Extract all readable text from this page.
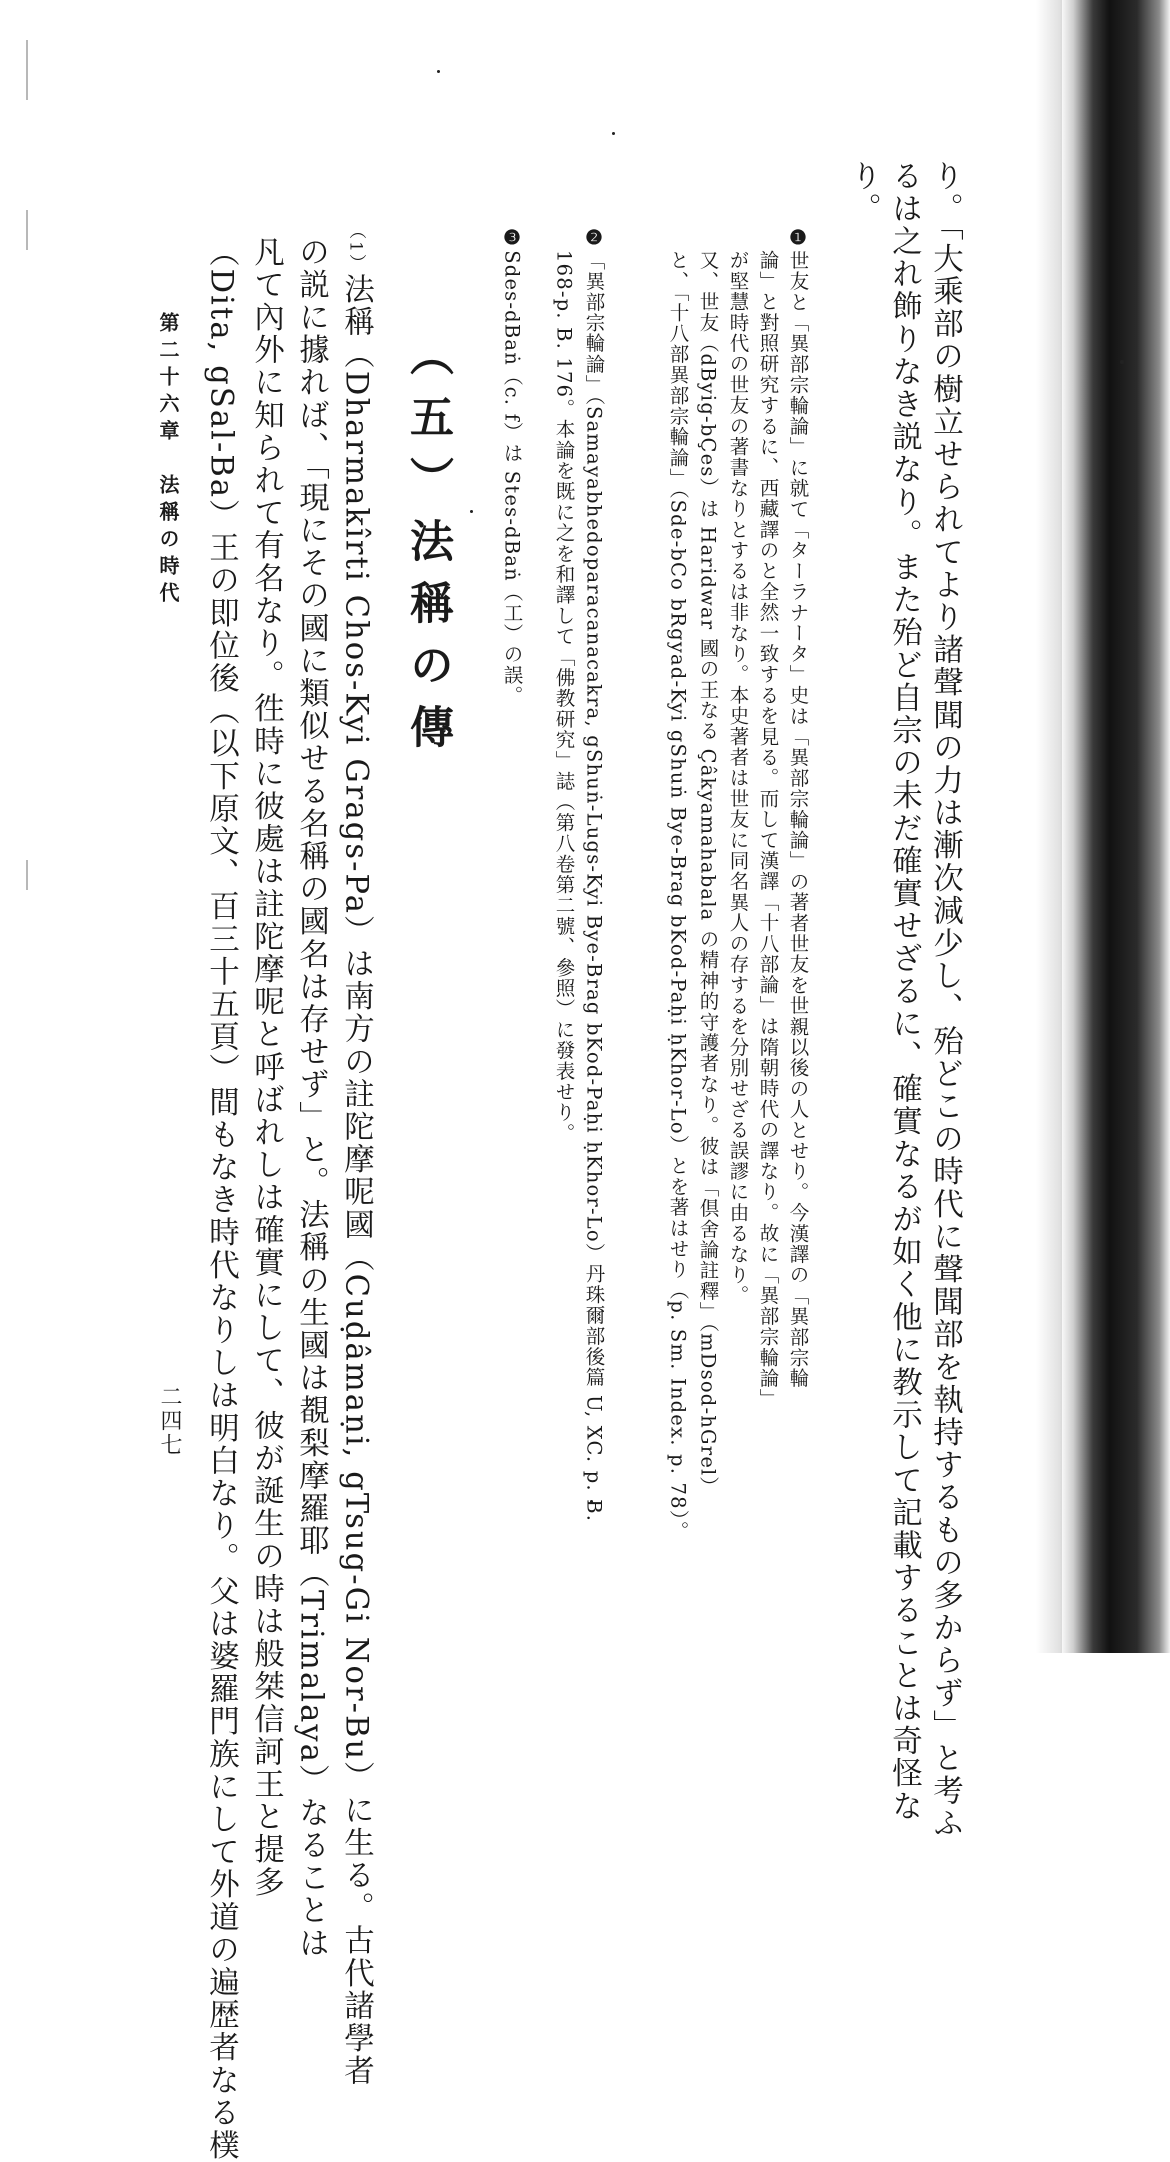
り。「大乘部の樹立せられてより諸聲聞の力は漸次減少し、殆どこの時代に聲聞部を執持するもの多からず」と考ふ
るは之れ飾りなき説なり。また殆ど自宗の未だ確實せざるに、確實なるが如く他に教示して記載することは奇怪な
り。
❶世友と「異部宗輪論」に就て「ターラナータ」史は「異部宗輪論」の著者世友を世親以後の人とせり。今漢譯の「異部宗輪
論」と對照研究するに、西藏譯のと全然一致するを見る。而して漢譯「十八部論」は隋朝時代の譯なり。故に「異部宗輪論」
が堅慧時代の世友の著書なりとするは非なり。本史著者は世友に同名異人の存するを分別せざる誤謬に由るなり。
又、世友（dByig-bÇes）は Haridwar 國の王なる Çâkyamahabala の精神的守護者なり。彼は「倶舍論註釋」（mDsod-hGrel）
と、「十八部異部宗輪論」（Sde-bCo bRgyad-Kyi gShuṅ Bye-Brag bKod-Paḥi ḥKhor-Lo）とを著はせり（p. Sm. Index. p. 78）。
❷「異部宗輪論」（Samayabhedoparacanacakra, gShuṅ-Lugs-Kyi Bye-Brag bKod-Paḥi ḥKhor-Lo）丹珠爾部後篇 U, XC. p. B.
168-p. B. 176。本論を既に之を和譯して「佛教研究」誌（第八卷第二號、參照）に發表せり。
❸Sdes-dBaṅ（c. f）は Stes-dBaṅ（工）の誤。
（五）法稱の傳
（1）法稱（Dharmakîrti Chos-Kyi Grags-Pa）は南方の註陀摩呢國（Cuḍâmaṇi, gTsug-Gi Nor-Bu）に生る。古代諸學者
の説に據れば、「現にその國に類似せる名稱の國名は存せず」と。法稱の生國は覩梨摩羅耶（Trimalaya）なることは
凡て內外に知られて有名なり。徃時に彼處は註陀摩呢と呼ばれしは確實にして、彼が誕生の時は般桀信訶王と提多
（Dita, gSal-Ba）王の即位後（以下原文、百三十五頁）間もなき時代なりしは明白なり。父は婆羅門族にして外道の遍歴者なる樸
第二十六章　法稱の時代
二四七
